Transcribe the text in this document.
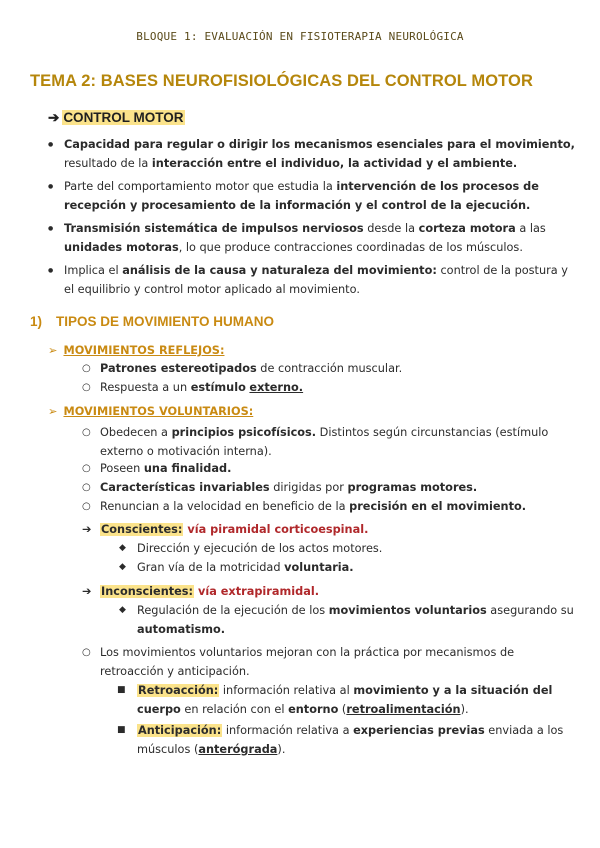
BLOQUE 1: EVALUACIÓN EN FISIOTERAPIA NEUROLÓGICA
TEMA 2: BASES NEUROFISIOLÓGICAS DEL CONTROL MOTOR
➔ CONTROL MOTOR
● Capacidad para regular o dirigir los mecanismos esenciales para el movimiento, resultado de la interacción entre el individuo, la actividad y el ambiente.
● Parte del comportamiento motor que estudia la intervención de los procesos de recepción y procesamiento de la información y el control de la ejecución.
● Transmisión sistemática de impulsos nerviosos desde la corteza motora a las unidades motoras, lo que produce contracciones coordinadas de los músculos.
● Implica el análisis de la causa y naturaleza del movimiento: control de la postura y el equilibrio y control motor aplicado al movimiento.
1) TIPOS DE MOVIMIENTO HUMANO
➢ MOVIMIENTOS REFLEJOS:
○ Patrones estereotipados de contracción muscular.
○ Respuesta a un estímulo externo.
➢ MOVIMIENTOS VOLUNTARIOS:
○ Obedecen a principios psicofísicos. Distintos según circunstancias (estímulo externo o motivación interna).
○ Poseen una finalidad.
○ Características invariables dirigidas por programas motores.
○ Renuncian a la velocidad en beneficio de la precisión en el movimiento.
➔ Conscientes: vía piramidal corticoespinal.
◆ Dirección y ejecución de los actos motores.
◆ Gran vía de la motricidad voluntaria.
➔ Inconscientes: vía extrapiramidal.
◆ Regulación de la ejecución de los movimientos voluntarios asegurando su automatismo.
○ Los movimientos voluntarios mejoran con la práctica por mecanismos de retroacción y anticipación.
■ Retroacción: información relativa al movimiento y a la situación del cuerpo en relación con el entorno (retroalimentación).
■ Anticipación: información relativa a experiencias previas enviada a los músculos (anterógrada).
